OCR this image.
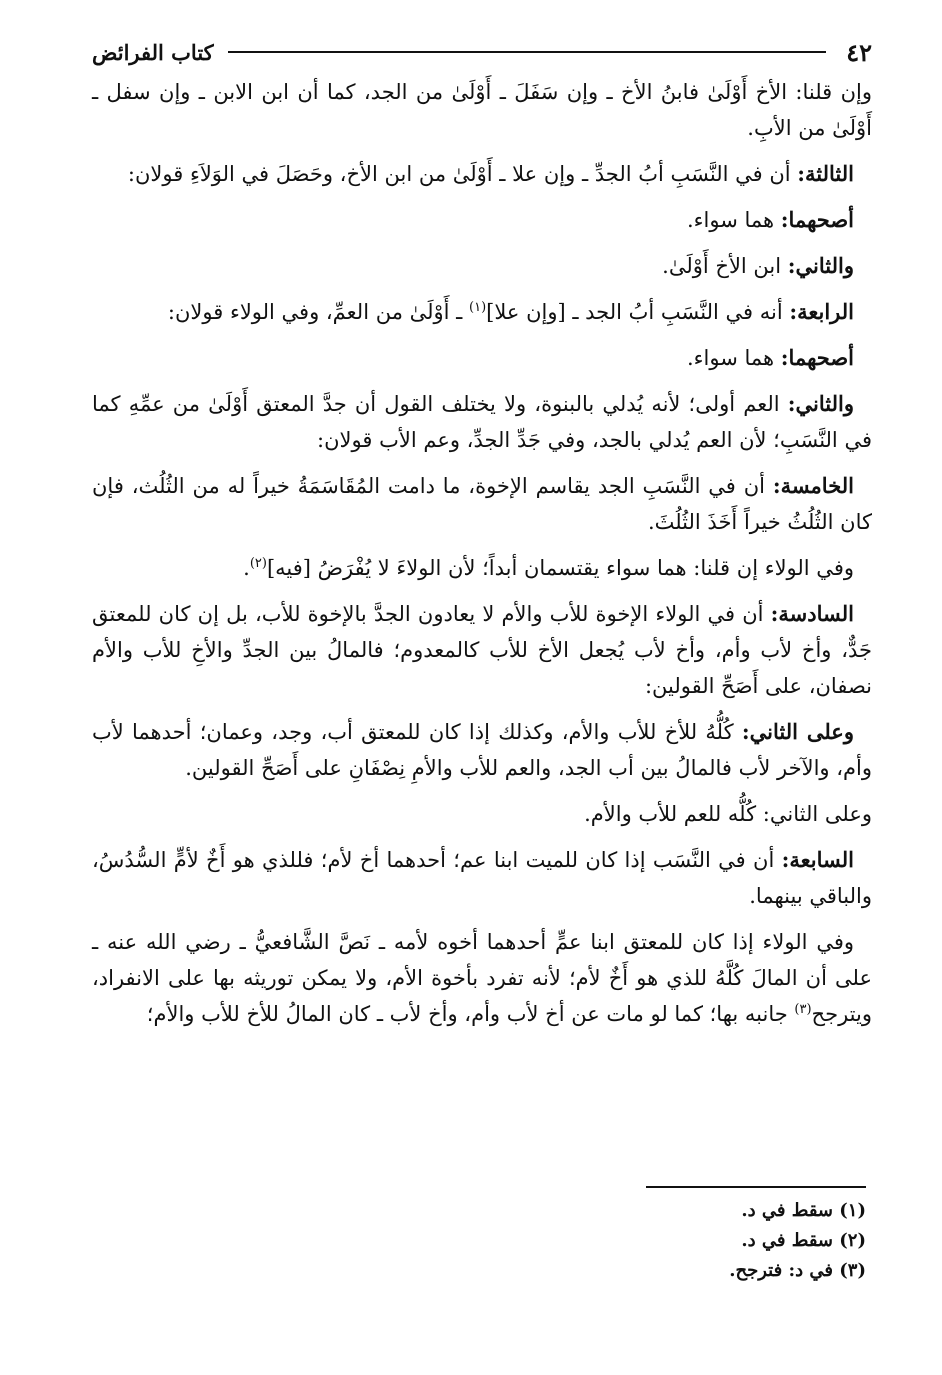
٤٢
كتاب الفرائض

وإن قلنا: الأخ أَوْلَىٰ فابنُ الأخ ـ وإن سَفَلَ ـ أَوْلَىٰ من الجد، كما أن ابن الابن ـ وإن سفل ـ أَوْلَىٰ من الأبِ.

الثالثة: أن في النَّسَبِ أبُ الجدِّ ـ وإن علا ـ أَوْلَىٰ من ابن الأخ، وحَصَلَ في الوَلاَءِ قولان:

أصحهما: هما سواء.

والثاني: ابن الأخ أَوْلَىٰ.

الرابعة: أنه في النَّسَبِ أبُ الجد ـ [وإن علا]$^{(١)}$ ـ أَوْلَىٰ من العمِّ، وفي الولاء قولان:

أصحهما: هما سواء.

والثاني: العم أولى؛ لأنه يُدلي بالبنوة، ولا يختلف القول أن جدَّ المعتق أَوْلَىٰ من عمِّهِ كما في النَّسَبِ؛ لأن العم يُدلي بالجد، وفي جَدِّ الجدِّ، وعم الأب قولان:

الخامسة: أن في النَّسَبِ الجد يقاسم الإخوة، ما دامت المُقَاسَمَةُ خيراً له من الثُلُث، فإن كان الثُلُثُ خيراً أَخَذَ الثُلُثَ.

وفي الولاء إن قلنا: هما سواء يقتسمان أبداً؛ لأن الولاءَ لا يُفْرَضُ [فيه]$^{(٢)}$.

السادسة: أن في الولاء الإخوة للأب والأم لا يعادون الجدَّ بالإخوة للأب، بل إن كان للمعتق جَدٌّ، وأخ لأب وأم، وأخ لأب يُجعل الأخ للأب كالمعدوم؛ فالمالُ بين الجدِّ والأخِ للأب والأم نصفان، على أَصَحِّ القولين:

وعلى الثاني: كُلُّهُ للأخ للأب والأم، وكذلك إذا كان للمعتق أب، وجد، وعمان؛ أحدهما لأب وأم، والآخر لأب فالمالُ بين أب الجد، والعم للأب والأمِ نِصْفَانِ على أَصَحِّ القولين.

وعلى الثاني: كُلُّه للعم للأب والأم.

السابعة: أن في النَّسَب إذا كان للميت ابنا عم؛ أحدهما أخ لأم؛ فللذي هو أَخٌ لأمٍّ السُّدُسُ، والباقي بينهما.

وفي الولاء إذا كان للمعتق ابنا عمٍّ أحدهما أخوه لأمه ـ نَصَّ الشَّافعيُّ ـ رضي الله عنه ـ على أن المالَ كُلَّهُ للذي هو أَخٌ لأم؛ لأنه تفرد بأخوة الأم، ولا يمكن توريثه بها على الانفراد، ويترجح$^{(٣)}$ جانبه بها؛ كما لو مات عن أخ لأب وأم، وأخ لأب ـ كان المالُ للأخ للأب والأم؛

(١) سقط في د.
(٢) سقط في د.
(٣) في د: فترجح.
